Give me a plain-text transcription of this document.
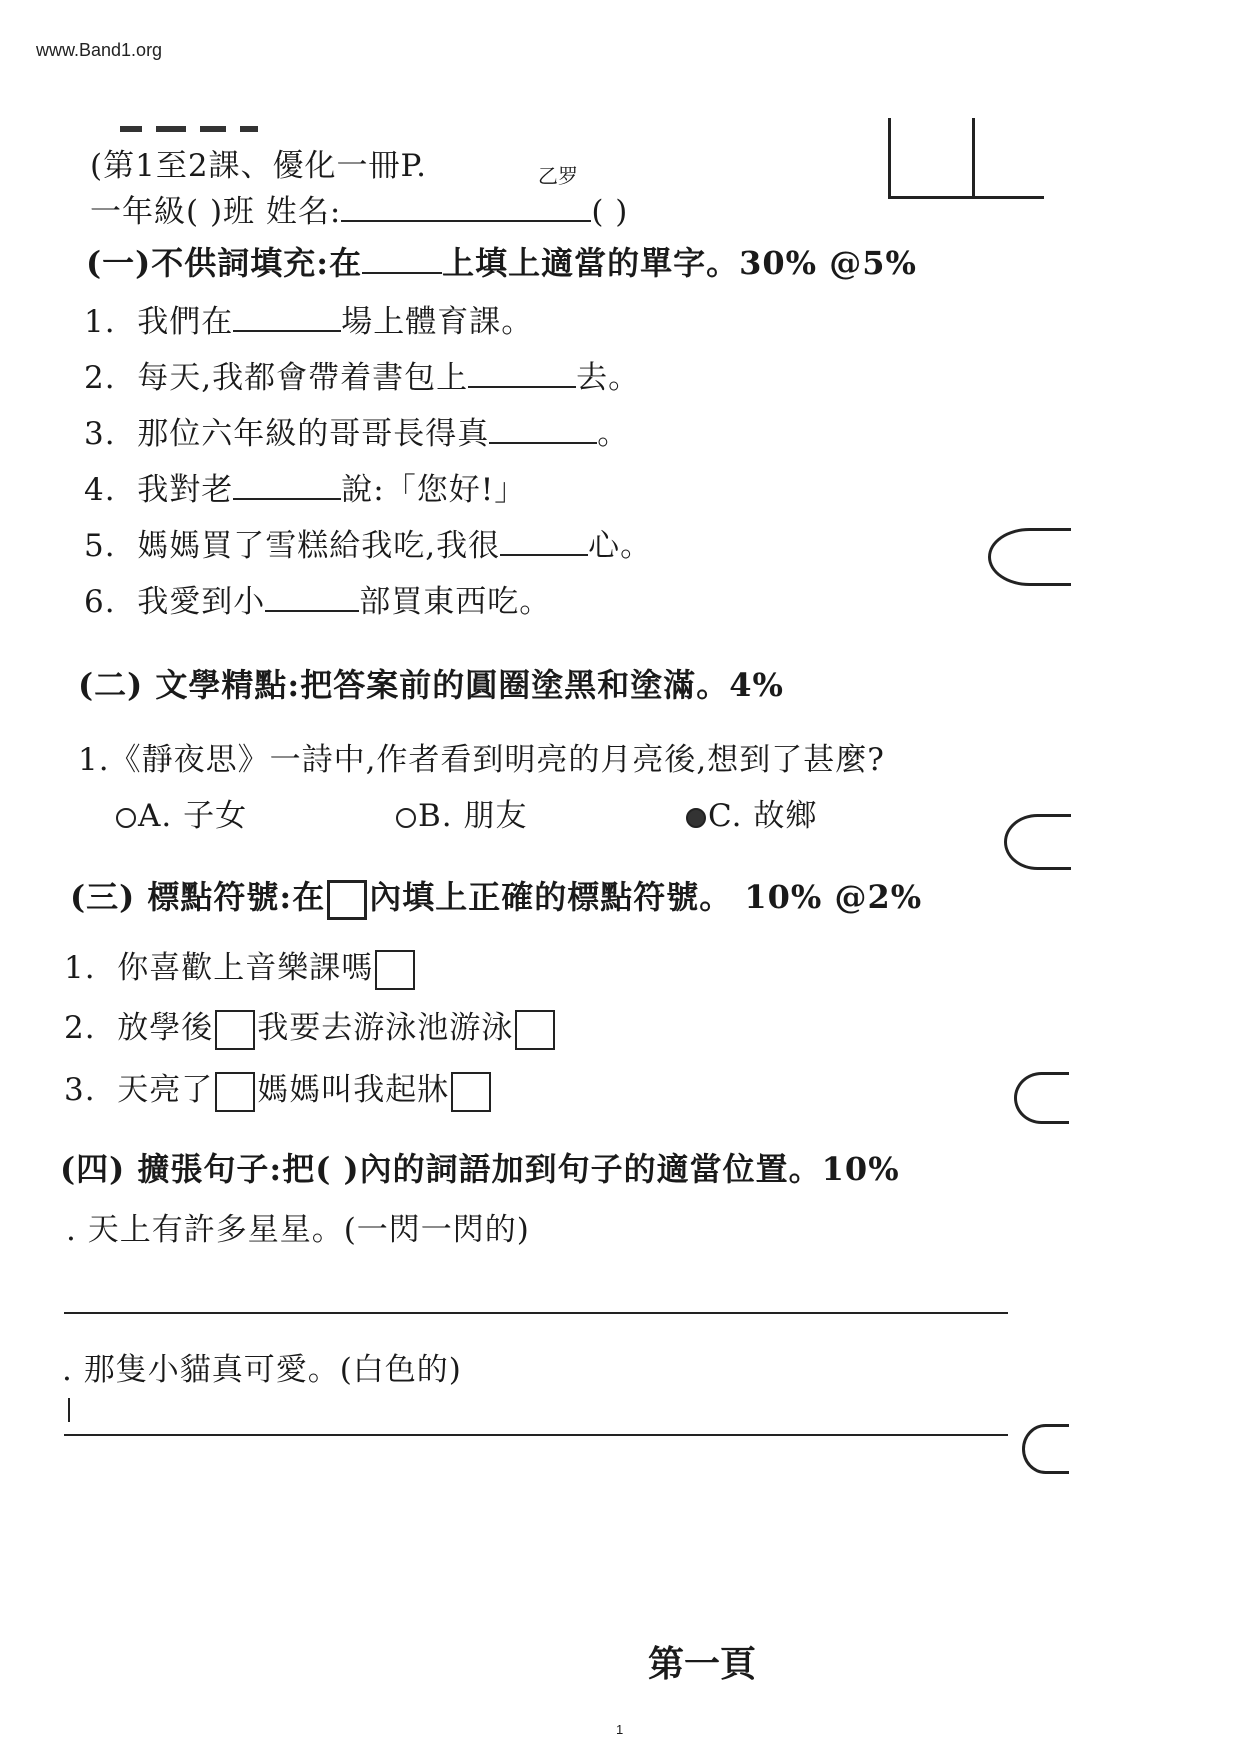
www.Band1.org
(第1至2課、優化一冊P.	乙罗
一年級( )班 姓名:	( )
(一)不供詞填充:在	上填上適當的單字。30% @5%
1. 我們在	場上體育課。
2. 每天,我都會帶着書包上	去。
3. 那位六年級的哥哥長得真	。
4. 我對老	說:「您好!」
5. 媽媽買了雪糕給我吃,我很	心。
6. 我愛到小	部買東西吃。
(二) 文學精點:把答案前的圓圈塗黑和塗滿。4%
1.《靜夜思》一詩中,作者看到明亮的月亮後,想到了甚麼?
A. 子女	B. 朋友	C. 故鄉
(三) 標點符號:在 內填上正確的標點符號。 10% @2%
1. 你喜歡上音樂課嗎
2. 放學後 我要去游泳池游泳
3. 天亮了 媽媽叫我起牀
(四) 擴張句子:把( )內的詞語加到句子的適當位置。10%
. 天上有許多星星。(一閃一閃的)
. 那隻小貓真可愛。(白色的)
第一頁
1
